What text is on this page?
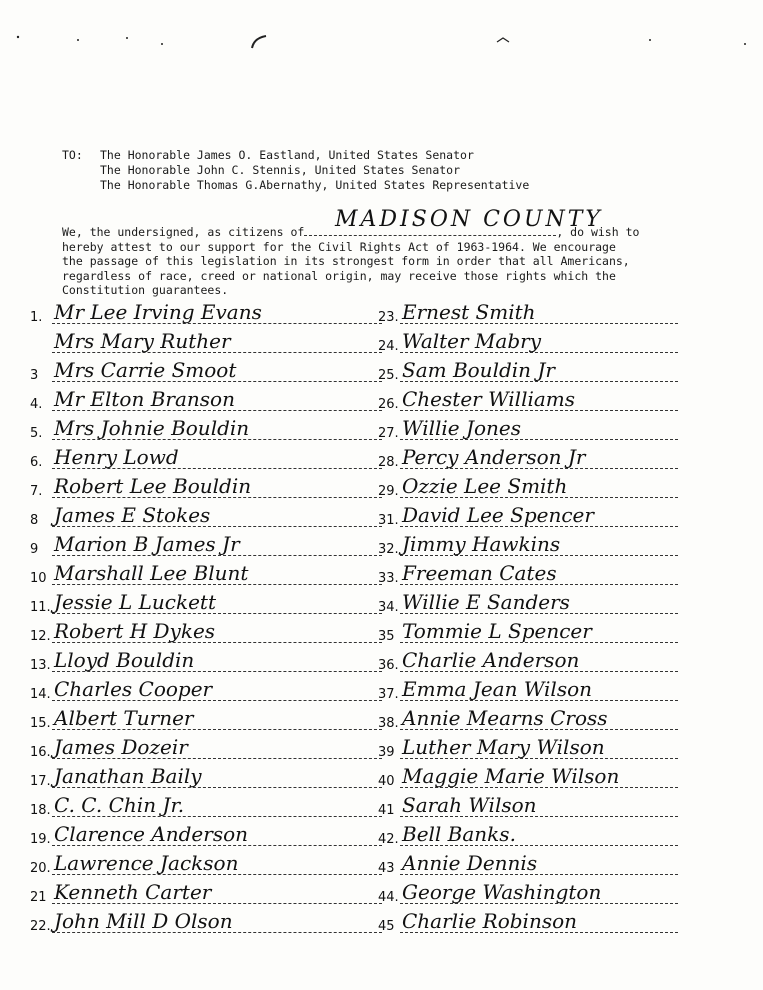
TO:	The Honorable James O. Eastland, United States Senator
The Honorable John C. Stennis, United States Senator
The Honorable Thomas G.Abernathy, United States Representative
MADISON COUNTY
We, the undersigned, as citizens of	, do wish to
hereby attest to our support for the Civil Rights Act of 1963-1964. We encourage
the passage of this legislation in its strongest form in order that all Americans,
regardless of race, creed or national origin, may receive those rights which the
Constitution guarantees.
1. Mr Lee Irving Evans
Mrs Mary Ruther
3 Mrs Carrie Smoot
4. Mr Elton Branson
5. Mrs Johnie Bouldin
6. Henry Lowd
7. Robert Lee Bouldin
8 James E Stokes
9 Marion B James Jr
10 Marshall Lee Blunt
11. Jessie L Luckett
12. Robert H Dykes
13. Lloyd Bouldin
14. Charles Cooper
15. Albert Turner
16. James Dozeir
17. Janathan Baily
18. C. C. Chin Jr.
19. Clarence Anderson
20. Lawrence Jackson
21 Kenneth Carter
22. John Mill D Olson
23. Ernest Smith
24. Walter Mabry
25. Sam Bouldin Jr
26. Chester Williams
27. Willie Jones
28. Percy Anderson Jr
29. Ozzie Lee Smith
31. David Lee Spencer
32. Jimmy Hawkins
33. Freeman Cates
34. Willie E Sanders
35 Tommie L Spencer
36. Charlie Anderson
37. Emma Jean Wilson
38. Annie Mearns Cross
39 Luther Mary Wilson
40 Maggie Marie Wilson
41 Sarah Wilson
42. Bell Banks.
43 Annie Dennis
44. George Washington
45 Charlie Robinson
